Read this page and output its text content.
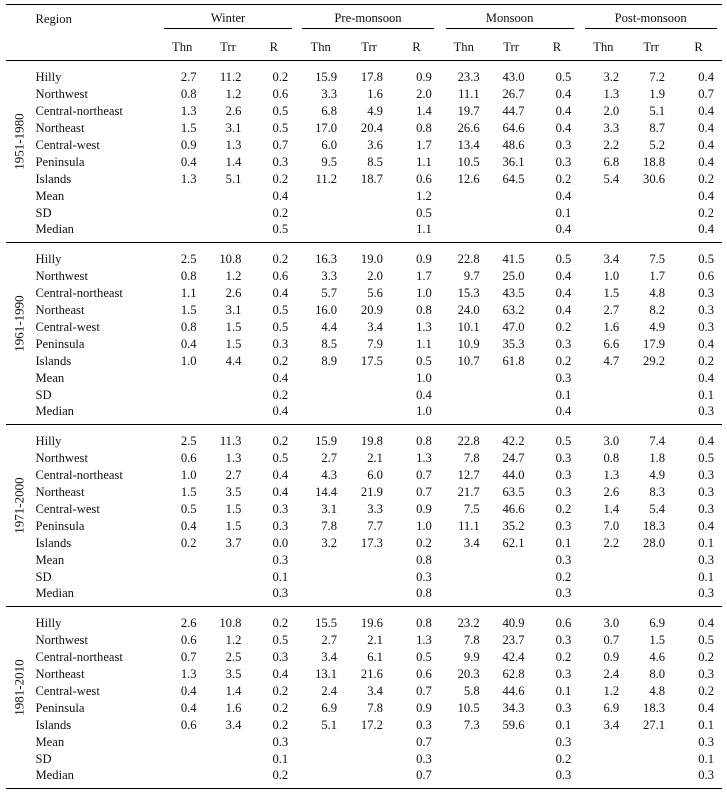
	Region	Winter			Pre-monsoon			Monsoon			Post-monsoon		
		Thn	Trr	R	Thn	Trr	R	Thn	Trr	R	Thn	Trr	R

1951-1980	Hilly	2.7	11.2	0.2	15.9	17.8	0.9	23.3	43.0	0.5	3.2	7.2	0.4
	Northwest	0.8	1.2	0.6	3.3	1.6	2.0	11.1	26.7	0.4	1.3	1.9	0.7
	Central-northeast	1.3	2.6	0.5	6.8	4.9	1.4	19.7	44.7	0.4	2.0	5.1	0.4
	Northeast	1.5	3.1	0.5	17.0	20.4	0.8	26.6	64.6	0.4	3.3	8.7	0.4
	Central-west	0.9	1.3	0.7	6.0	3.6	1.7	13.4	48.6	0.3	2.2	5.2	0.4
	Peninsula	0.4	1.4	0.3	9.5	8.5	1.1	10.5	36.1	0.3	6.8	18.8	0.4
	Islands	1.3	5.1	0.2	11.2	18.7	0.6	12.6	64.5	0.2	5.4	30.6	0.2
	Mean			0.4			1.2			0.4			0.4
	SD			0.2			0.5			0.1			0.2
	Median			0.5			1.1			0.4			0.4

1961-1990	Hilly	2.5	10.8	0.2	16.3	19.0	0.9	22.8	41.5	0.5	3.4	7.5	0.5
	Northwest	0.8	1.2	0.6	3.3	2.0	1.7	9.7	25.0	0.4	1.0	1.7	0.6
	Central-northeast	1.1	2.6	0.4	5.7	5.6	1.0	15.3	43.5	0.4	1.5	4.8	0.3
	Northeast	1.5	3.1	0.5	16.0	20.9	0.8	24.0	63.2	0.4	2.7	8.2	0.3
	Central-west	0.8	1.5	0.5	4.4	3.4	1.3	10.1	47.0	0.2	1.6	4.9	0.3
	Peninsula	0.4	1.5	0.3	8.5	7.9	1.1	10.9	35.3	0.3	6.6	17.9	0.4
	Islands	1.0	4.4	0.2	8.9	17.5	0.5	10.7	61.8	0.2	4.7	29.2	0.2
	Mean			0.4			1.0			0.3			0.4
	SD			0.2			0.4			0.1			0.1
	Median			0.4			1.0			0.4			0.3

1971-2000	Hilly	2.5	11.3	0.2	15.9	19.8	0.8	22.8	42.2	0.5	3.0	7.4	0.4
	Northwest	0.6	1.3	0.5	2.7	2.1	1.3	7.8	24.7	0.3	0.8	1.8	0.5
	Central-northeast	1.0	2.7	0.4	4.3	6.0	0.7	12.7	44.0	0.3	1.3	4.9	0.3
	Northeast	1.5	3.5	0.4	14.4	21.9	0.7	21.7	63.5	0.3	2.6	8.3	0.3
	Central-west	0.5	1.5	0.3	3.1	3.3	0.9	7.5	46.6	0.2	1.4	5.4	0.3
	Peninsula	0.4	1.5	0.3	7.8	7.7	1.0	11.1	35.2	0.3	7.0	18.3	0.4
	Islands	0.2	3.7	0.0	3.2	17.3	0.2	3.4	62.1	0.1	2.2	28.0	0.1
	Mean			0.3			0.8			0.3			0.3
	SD			0.1			0.3			0.2			0.1
	Median			0.3			0.8			0.3			0.3

1981-2010	Hilly	2.6	10.8	0.2	15.5	19.6	0.8	23.2	40.9	0.6	3.0	6.9	0.4
	Northwest	0.6	1.2	0.5	2.7	2.1	1.3	7.8	23.7	0.3	0.7	1.5	0.5
	Central-northeast	0.7	2.5	0.3	3.4	6.1	0.5	9.9	42.4	0.2	0.9	4.6	0.2
	Northeast	1.3	3.5	0.4	13.1	21.6	0.6	20.3	62.8	0.3	2.4	8.0	0.3
	Central-west	0.4	1.4	0.2	2.4	3.4	0.7	5.8	44.6	0.1	1.2	4.8	0.2
	Peninsula	0.4	1.6	0.2	6.9	7.8	0.9	10.5	34.3	0.3	6.9	18.3	0.4
	Islands	0.6	3.4	0.2	5.1	17.2	0.3	7.3	59.6	0.1	3.4	27.1	0.1
	Mean			0.3			0.7			0.3			0.3
	SD			0.1			0.3			0.2			0.1
	Median			0.2			0.7			0.3			0.3
